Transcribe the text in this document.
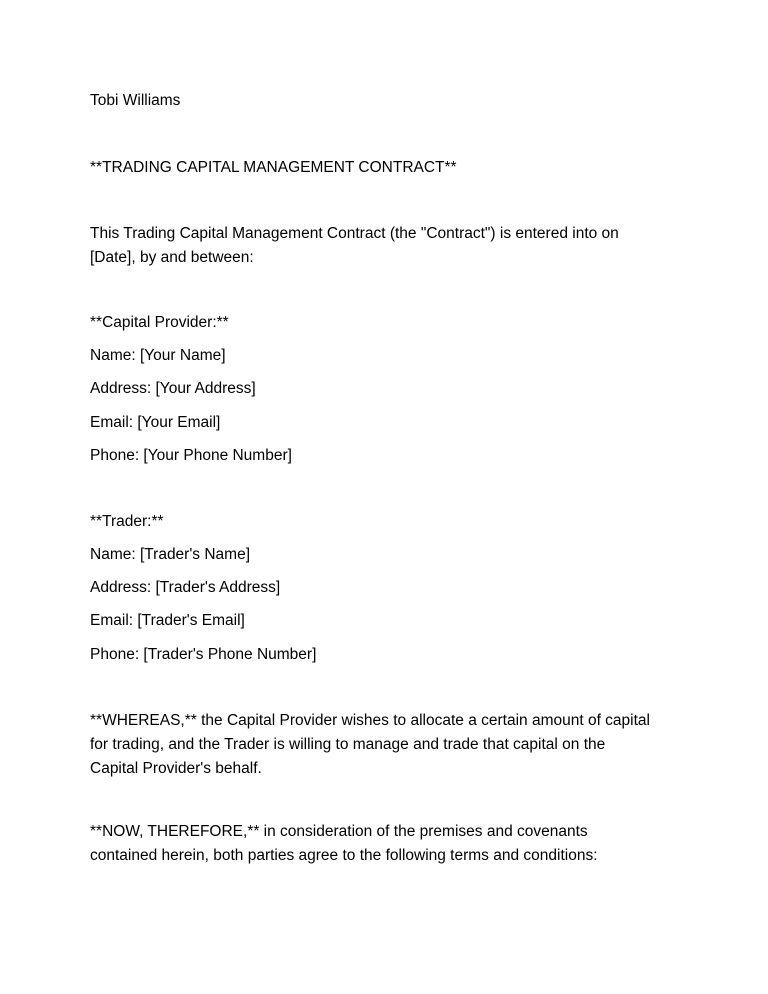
Tobi Williams
**TRADING CAPITAL MANAGEMENT CONTRACT**
This Trading Capital Management Contract (the "Contract") is entered into on
[Date], by and between:
**Capital Provider:**
Name: [Your Name]
Address: [Your Address]
Email: [Your Email]
Phone: [Your Phone Number]
**Trader:**
Name: [Trader's Name]
Address: [Trader's Address]
Email: [Trader's Email]
Phone: [Trader's Phone Number]
**WHEREAS,** the Capital Provider wishes to allocate a certain amount of capital
for trading, and the Trader is willing to manage and trade that capital on the
Capital Provider's behalf.
**NOW, THEREFORE,** in consideration of the premises and covenants
contained herein, both parties agree to the following terms and conditions:
